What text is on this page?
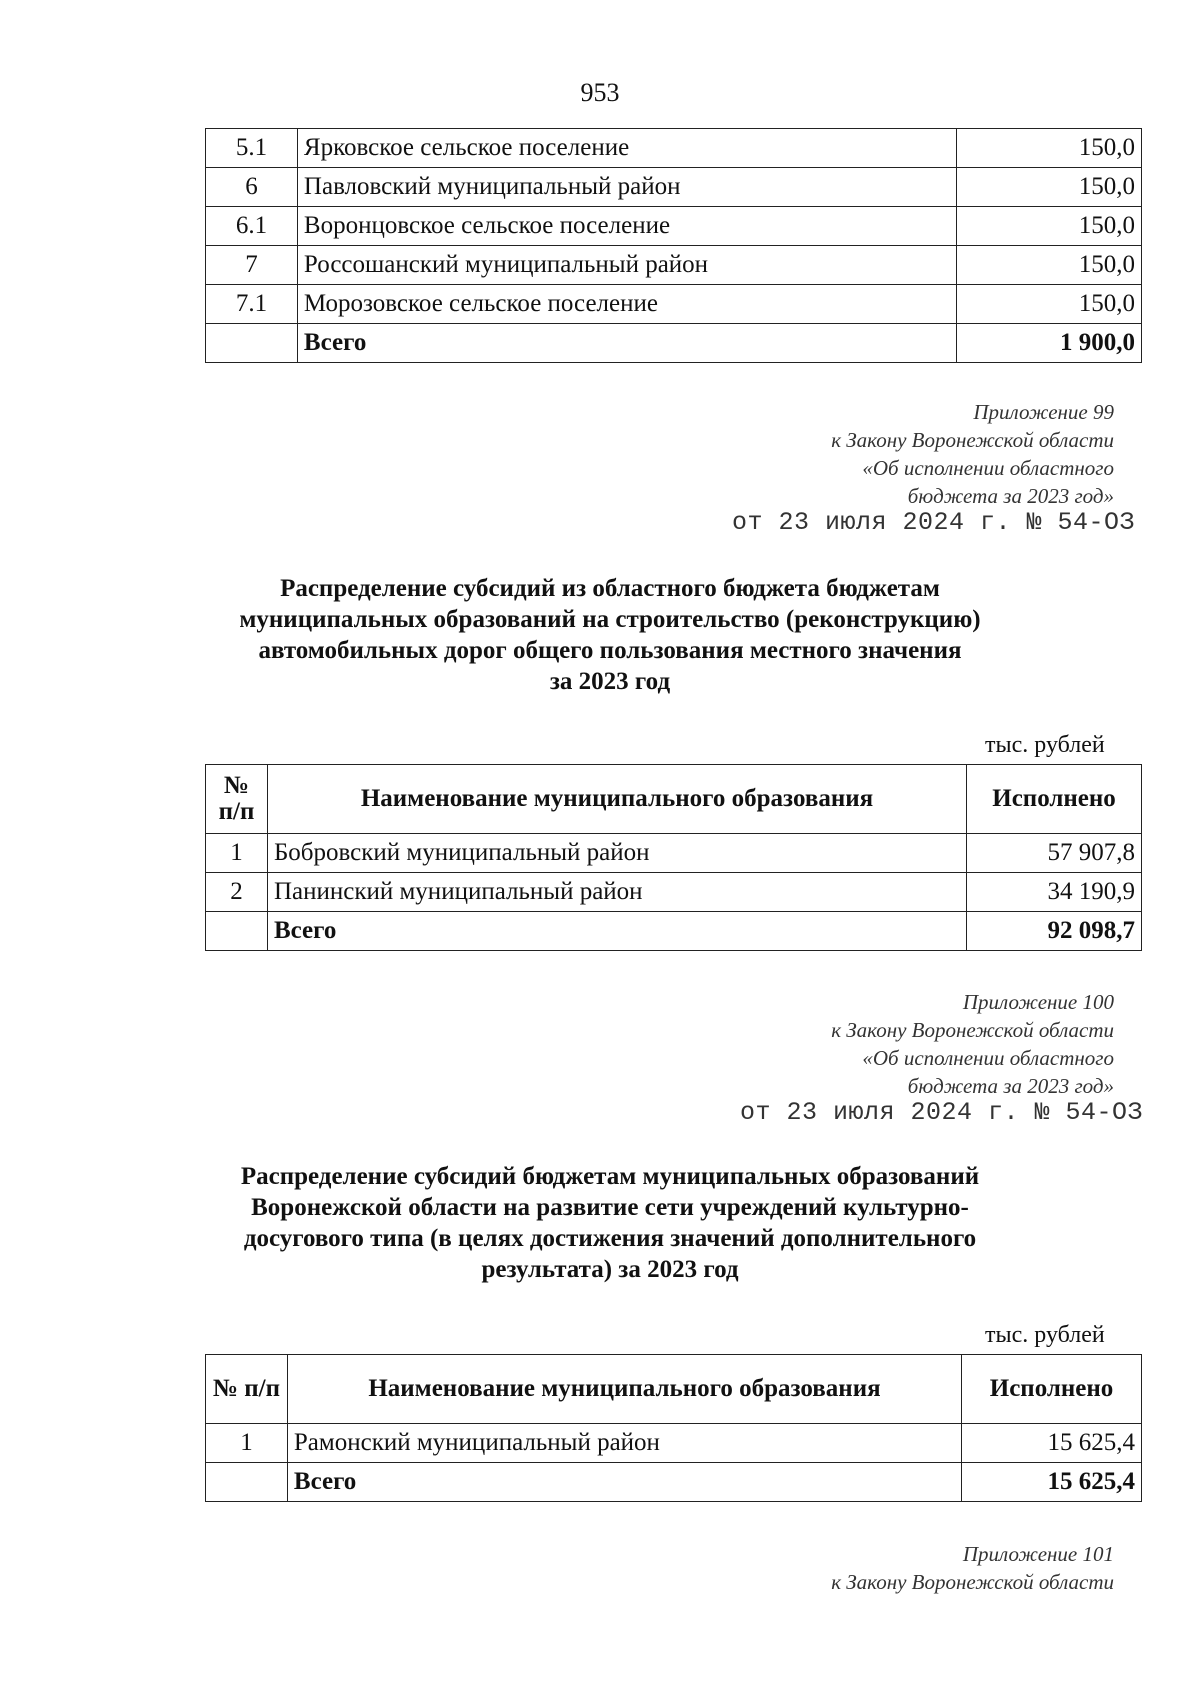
953
5.1	Ярковское сельское поселение	150,0
6	Павловский муниципальный район	150,0
6.1	Воронцовское сельское поселение	150,0
7	Россошанский муниципальный район	150,0
7.1	Морозовское сельское поселение	150,0
	Всего	1 900,0
Приложение 99
к Закону Воронежской области
«Об исполнении областного
бюджета за 2023 год»
от 23 июля 2024 г. № 54-ОЗ
Распределение субсидий из областного бюджета бюджетам
муниципальных образований на строительство (реконструкцию)
автомобильных дорог общего пользования местного значения
за 2023 год
тыс. рублей
№ п/п	Наименование муниципального образования	Исполнено
1	Бобровский муниципальный район	57 907,8
2	Панинский муниципальный район	34 190,9
	Всего	92 098,7
Приложение 100
к Закону Воронежской области
«Об исполнении областного
бюджета за 2023 год»
от 23 июля 2024 г. № 54-ОЗ
Распределение субсидий бюджетам муниципальных образований
Воронежской области на развитие сети учреждений культурно-
досугового типа (в целях достижения значений дополнительного
результата) за 2023 год
тыс. рублей
№ п/п	Наименование муниципального образования	Исполнено
1	Рамонский муниципальный район	15 625,4
	Всего	15 625,4
Приложение 101
к Закону Воронежской области
